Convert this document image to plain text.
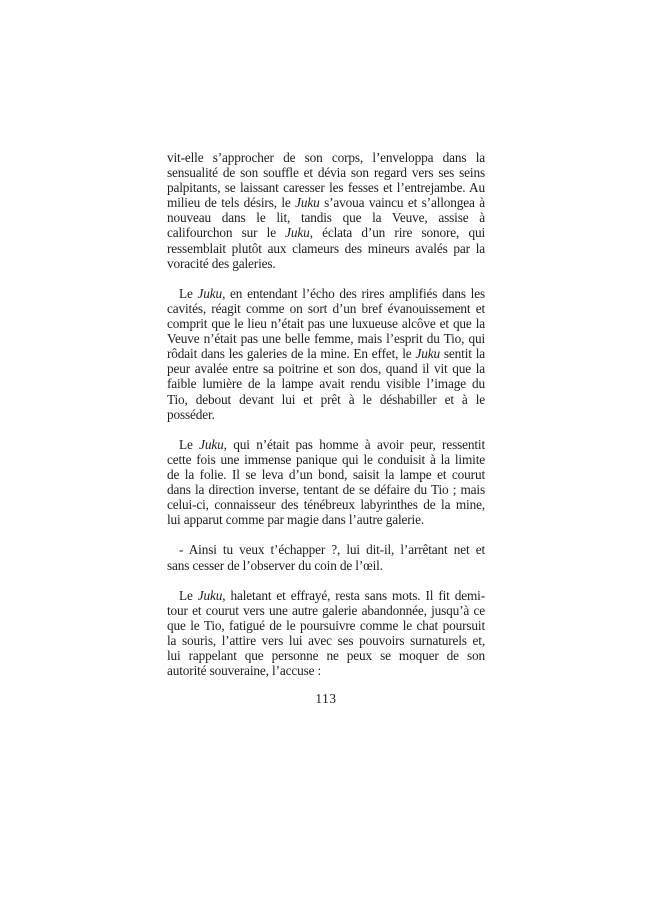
vit-elle s’approcher de son corps, l’enveloppa dans la
sensualité de son souffle et dévia son regard vers ses seins
palpitants, se laissant caresser les fesses et l’entrejambe. Au
milieu de tels désirs, le Juku s’avoua vaincu et s’allongea à
nouveau dans le lit, tandis que la Veuve, assise à
califourchon sur le Juku, éclata d’un rire sonore, qui
ressemblait plutôt aux clameurs des mineurs avalés par la
voracité des galeries.
Le Juku, en entendant l’écho des rires amplifiés dans les
cavités, réagit comme on sort d’un bref évanouissement et
comprit que le lieu n’était pas une luxueuse alcôve et que la
Veuve n’était pas une belle femme, mais l’esprit du Tio, qui
rôdait dans les galeries de la mine. En effet, le Juku sentit la
peur avalée entre sa poitrine et son dos, quand il vit que la
faible lumière de la lampe avait rendu visible l’image du
Tio, debout devant lui et prêt à le déshabiller et à le
posséder.
Le Juku, qui n’était pas homme à avoir peur, ressentit
cette fois une immense panique qui le conduisit à la limite
de la folie. Il se leva d’un bond, saisit la lampe et courut
dans la direction inverse, tentant de se défaire du Tio ; mais
celui-ci, connaisseur des ténébreux labyrinthes de la mine,
lui apparut comme par magie dans l’autre galerie.
- Ainsi tu veux t’échapper ?, lui dit-il, l’arrêtant net et
sans cesser de l’observer du coin de l’œil.
Le Juku, haletant et effrayé, resta sans mots. Il fit demi-
tour et courut vers une autre galerie abandonnée, jusqu’à ce
que le Tio, fatigué de le poursuivre comme le chat poursuit
la souris, l’attire vers lui avec ses pouvoirs surnaturels et,
lui rappelant que personne ne peux se moquer de son
autorité souveraine, l’accuse :
113
